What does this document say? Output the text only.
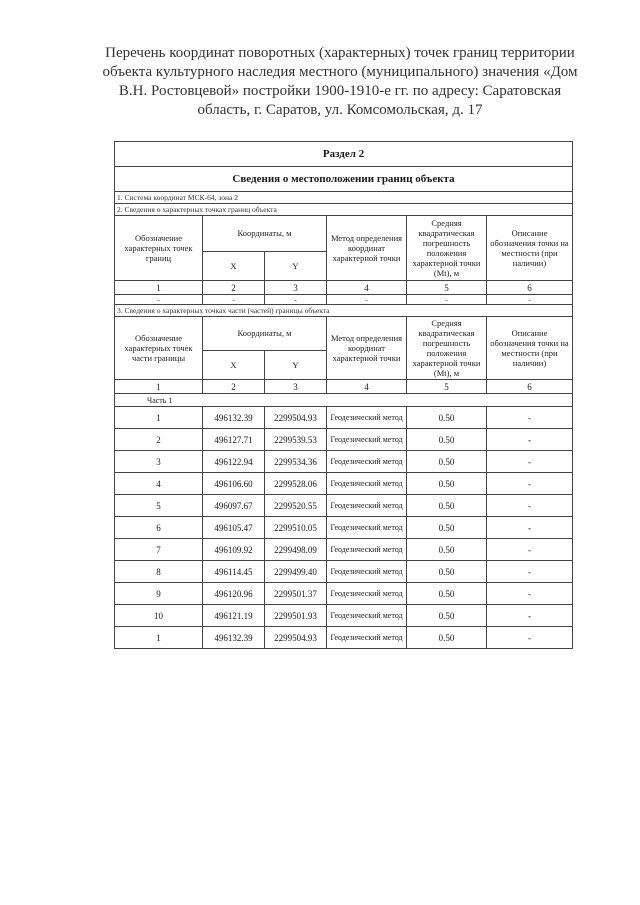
Перечень координат поворотных (характерных) точек границ территории
объекта культурного наследия местного (муниципального) значения «Дом
В.Н. Ростовцевой» постройки 1900-1910-е гг. по адресу: Саратовская
область, г. Саратов, ул. Комсомольская, д. 17
Раздел 2					
Сведения о местоположении границ объекта					
1. Система координат МСК-64, зона 2					
2. Сведения о характерных точках границ объекта					
Обозначение характерных точек границ	Координаты, м		Метод определения координат характерной точки	Средняя квадратическая погрешность положения характерной точки (Mt), м	Описание обозначения точки на местности (при наличии)
	X	Y			
1	2	3	4	5	6
-	-	-	-	-	-
3. Сведения о характерных точках части (частей) границы объекта					
Обозначение характерных точек части границы	Координаты, м		Метод определения координат характерной точки	Средняя квадратическая погрешность положения характерной точки (Mt), м	Описание обозначения точки на местности (при наличии)
	X	Y			
1	2	3	4	5	6
Часть 1					
1	496132.39	2299504.93	Геодезический метод	0.50	-
2	496127.71	2299539.53	Геодезический метод	0.50	-
3	496122.94	2299534.36	Геодезический метод	0.50	-
4	496106.60	2299528.06	Геодезический метод	0.50	-
5	496097.67	2299520.55	Геодезический метод	0.50	-
6	496105.47	2299510.05	Геодезический метод	0.50	-
7	496109.92	2299498.09	Геодезический метод	0.50	-
8	496114.45	2299499.40	Геодезический метод	0.50	-
9	496120.96	2299501.37	Геодезический метод	0.50	-
10	496121.19	2299501.93	Геодезический метод	0.50	-
1	496132.39	2299504.93	Геодезический метод	0.50	-
